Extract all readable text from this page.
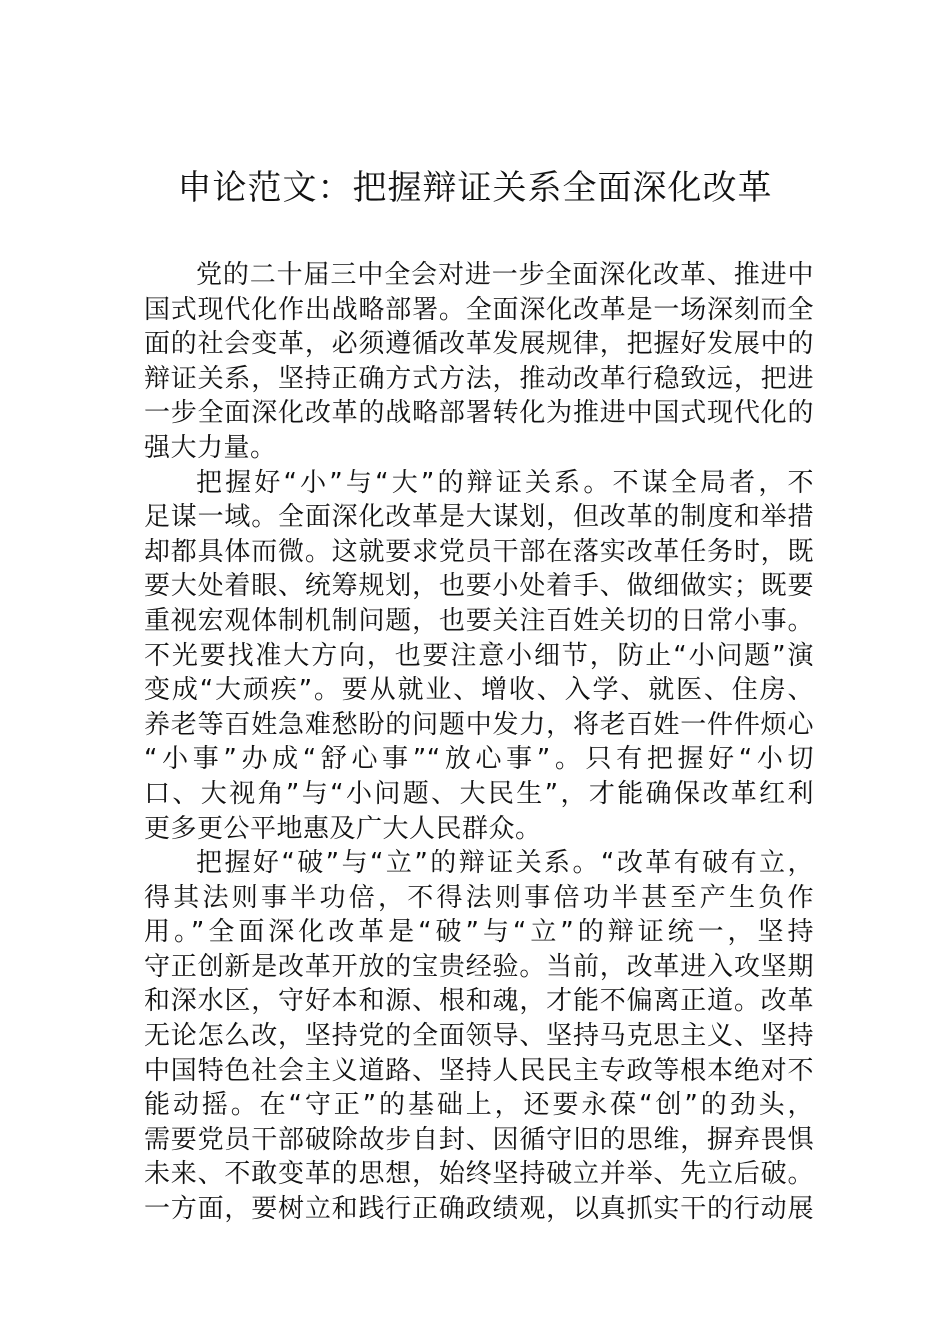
申论范文：把握辩证关系全面深化改革
党的二十届三中全会对进一步全面深化改革、推进中
国式现代化作出战略部署。全面深化改革是一场深刻而全
面的社会变革，必须遵循改革发展规律，把握好发展中的
辩证关系，坚持正确方式方法，推动改革行稳致远，把进
一步全面深化改革的战略部署转化为推进中国式现代化的
强大力量。
把握好“小”与“大”的辩证关系。不谋全局者，不
足谋一域。全面深化改革是大谋划，但改革的制度和举措
却都具体而微。这就要求党员干部在落实改革任务时，既
要大处着眼、统筹规划，也要小处着手、做细做实；既要
重视宏观体制机制问题，也要关注百姓关切的日常小事。
不光要找准大方向，也要注意小细节，防止“小问题”演
变成“大顽疾”。要从就业、增收、入学、就医、住房、
养老等百姓急难愁盼的问题中发力，将老百姓一件件烦心
“小事”办成“舒心事”“放心事”。只有把握好“小切
口、大视角”与“小问题、大民生”，才能确保改革红利
更多更公平地惠及广大人民群众。
把握好“破”与“立”的辩证关系。“改革有破有立，
得其法则事半功倍，不得法则事倍功半甚至产生负作
用。”全面深化改革是“破”与“立”的辩证统一，坚持
守正创新是改革开放的宝贵经验。当前，改革进入攻坚期
和深水区，守好本和源、根和魂，才能不偏离正道。改革
无论怎么改，坚持党的全面领导、坚持马克思主义、坚持
中国特色社会主义道路、坚持人民民主专政等根本绝对不
能动摇。在“守正”的基础上，还要永葆“创”的劲头，
需要党员干部破除故步自封、因循守旧的思维，摒弃畏惧
未来、不敢变革的思想，始终坚持破立并举、先立后破。
一方面，要树立和践行正确政绩观，以真抓实干的行动展
